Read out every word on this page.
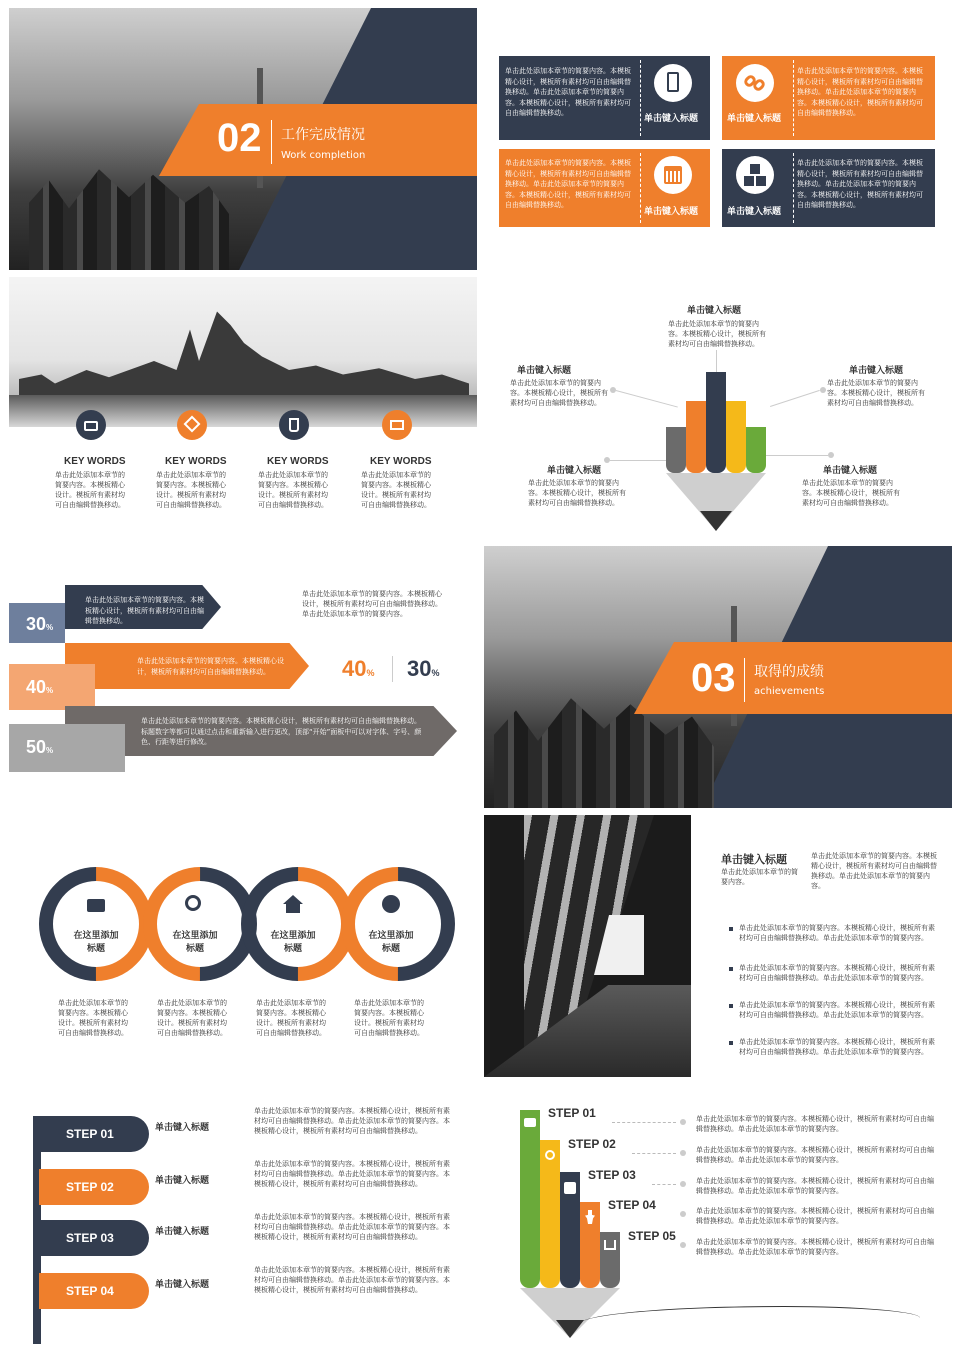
02 工作完成情况
Work completion
单击此处添加本章节的简要内容。本模板精心设计，模板所有素材均可自由编辑替换移动。单击此处添加本章节的简要内容。本模板精心设计，模板所有素材均可自由编辑替换移动。
单击键入标题	单击键入标题
单击此处添加本章节的简要内容。本模板精心设计，模板所有素材均可自由编辑替换移动。单击此处添加本章节的简要内容。本模板精心设计，模板所有素材均可自由编辑替换移动。
单击此处添加本章节的简要内容。本模板精心设计，模板所有素材均可自由编辑替换移动。单击此处添加本章节的简要内容。本模板精心设计，模板所有素材均可自由编辑替换移动。
单击键入标题	单击键入标题
单击此处添加本章节的简要内容。本模板精心设计，模板所有素材均可自由编辑替换移动。单击此处添加本章节的简要内容。本模板精心设计，模板所有素材均可自由编辑替换移动。
KEY WORDS
单击此处添加本章节的简要内容。本模板精心设计。模板所有素材均可自由编辑替换移动。
KEY WORDS
单击此处添加本章节的简要内容。本模板精心设计。模板所有素材均可自由编辑替换移动。
KEY WORDS
单击此处添加本章节的简要内容。本模板精心设计。模板所有素材均可自由编辑替换移动。
KEY WORDS
单击此处添加本章节的简要内容。本模板精心设计。模板所有素材均可自由编辑替换移动。
单击键入标题
单击此处添加本章节的简要内容。本模板精心设计，模板所有素材均可自由编辑替换移动。
单击键入标题
单击此处添加本章节的简要内容。本模板精心设计，模板所有素材均可自由编辑替换移动。
单击键入标题
单击此处添加本章节的简要内容。本模板精心设计，模板所有素材均可自由编辑替换移动。
单击键入标题
单击此处添加本章节的简要内容。本模板精心设计，模板所有素材均可自由编辑替换移动。
单击键入标题
单击此处添加本章节的简要内容。本模板精心设计，模板所有素材均可自由编辑替换移动。
单击此处添加本章节的简要内容。本模板精心设计，模板所有素材均可自由编辑替换移动。
30%
单击此处添加本章节的简要内容。本模板精心设计，模板所有素材均可自由编辑替换移动。
40%
单击此处添加本章节的简要内容。本模板精心设计，模板所有素材均可自由编辑替换移动。标题数字等都可以通过点击和重新输入进行更改，顶部“开始”面板中可以对字体、字号、颜色、行距等进行修改。
50%
单击此处添加本章节的简要内容。本模板精心设计，模板所有素材均可自由编辑替换移动。单击此处添加本章节的简要内容。
40% 30%	03 取得的成绩
achievements
在这里添加标题
在这里添加标题
在这里添加标题
在这里添加标题
单击此处添加本章节的简要内容。本模板精心设计。模板所有素材均可自由编辑替换移动。
单击此处添加本章节的简要内容。本模板精心设计。模板所有素材均可自由编辑替换移动。
单击此处添加本章节的简要内容。本模板精心设计。模板所有素材均可自由编辑替换移动。
单击此处添加本章节的简要内容。本模板精心设计。模板所有素材均可自由编辑替换移动。
单击键入标题
单击此处添加本章节的简要内容。
单击此处添加本章节的简要内容。本模板精心设计，模板所有素材均可自由编辑替换移动。单击此处添加本章节的简要内容。
单击此处添加本章节的简要内容。本模板精心设计，模板所有素材均可自由编辑替换移动。单击此处添加本章节的简要内容。
单击此处添加本章节的简要内容。本模板精心设计，模板所有素材均可自由编辑替换移动。单击此处添加本章节的简要内容。
单击此处添加本章节的简要内容。本模板精心设计，模板所有素材均可自由编辑替换移动。单击此处添加本章节的简要内容。
单击此处添加本章节的简要内容。本模板精心设计，模板所有素材均可自由编辑替换移动。单击此处添加本章节的简要内容。
STEP 01	单击键入标题
单击此处添加本章节的简要内容。本模板精心设计，模板所有素材均可自由编辑替换移动。单击此处添加本章节的简要内容。本模板精心设计，模板所有素材均可自由编辑替换移动。
STEP 02	单击键入标题
单击此处添加本章节的简要内容。本模板精心设计，模板所有素材均可自由编辑替换移动。单击此处添加本章节的简要内容。本模板精心设计，模板所有素材均可自由编辑替换移动。
STEP 03	单击键入标题
单击此处添加本章节的简要内容。本模板精心设计，模板所有素材均可自由编辑替换移动。单击此处添加本章节的简要内容。本模板精心设计，模板所有素材均可自由编辑替换移动。
STEP 04	单击键入标题
单击此处添加本章节的简要内容。本模板精心设计，模板所有素材均可自由编辑替换移动。单击此处添加本章节的简要内容。本模板精心设计，模板所有素材均可自由编辑替换移动。
STEP 01
STEP 02
STEP 03
STEP 04
STEP 05
单击此处添加本章节的简要内容。本模板精心设计，模板所有素材均可自由编辑替换移动。单击此处添加本章节的简要内容。
单击此处添加本章节的简要内容。本模板精心设计，模板所有素材均可自由编辑替换移动。单击此处添加本章节的简要内容。
单击此处添加本章节的简要内容。本模板精心设计，模板所有素材均可自由编辑替换移动。单击此处添加本章节的简要内容。
单击此处添加本章节的简要内容。本模板精心设计，模板所有素材均可自由编辑替换移动。单击此处添加本章节的简要内容。
单击此处添加本章节的简要内容。本模板精心设计，模板所有素材均可自由编辑替换移动。单击此处添加本章节的简要内容。
